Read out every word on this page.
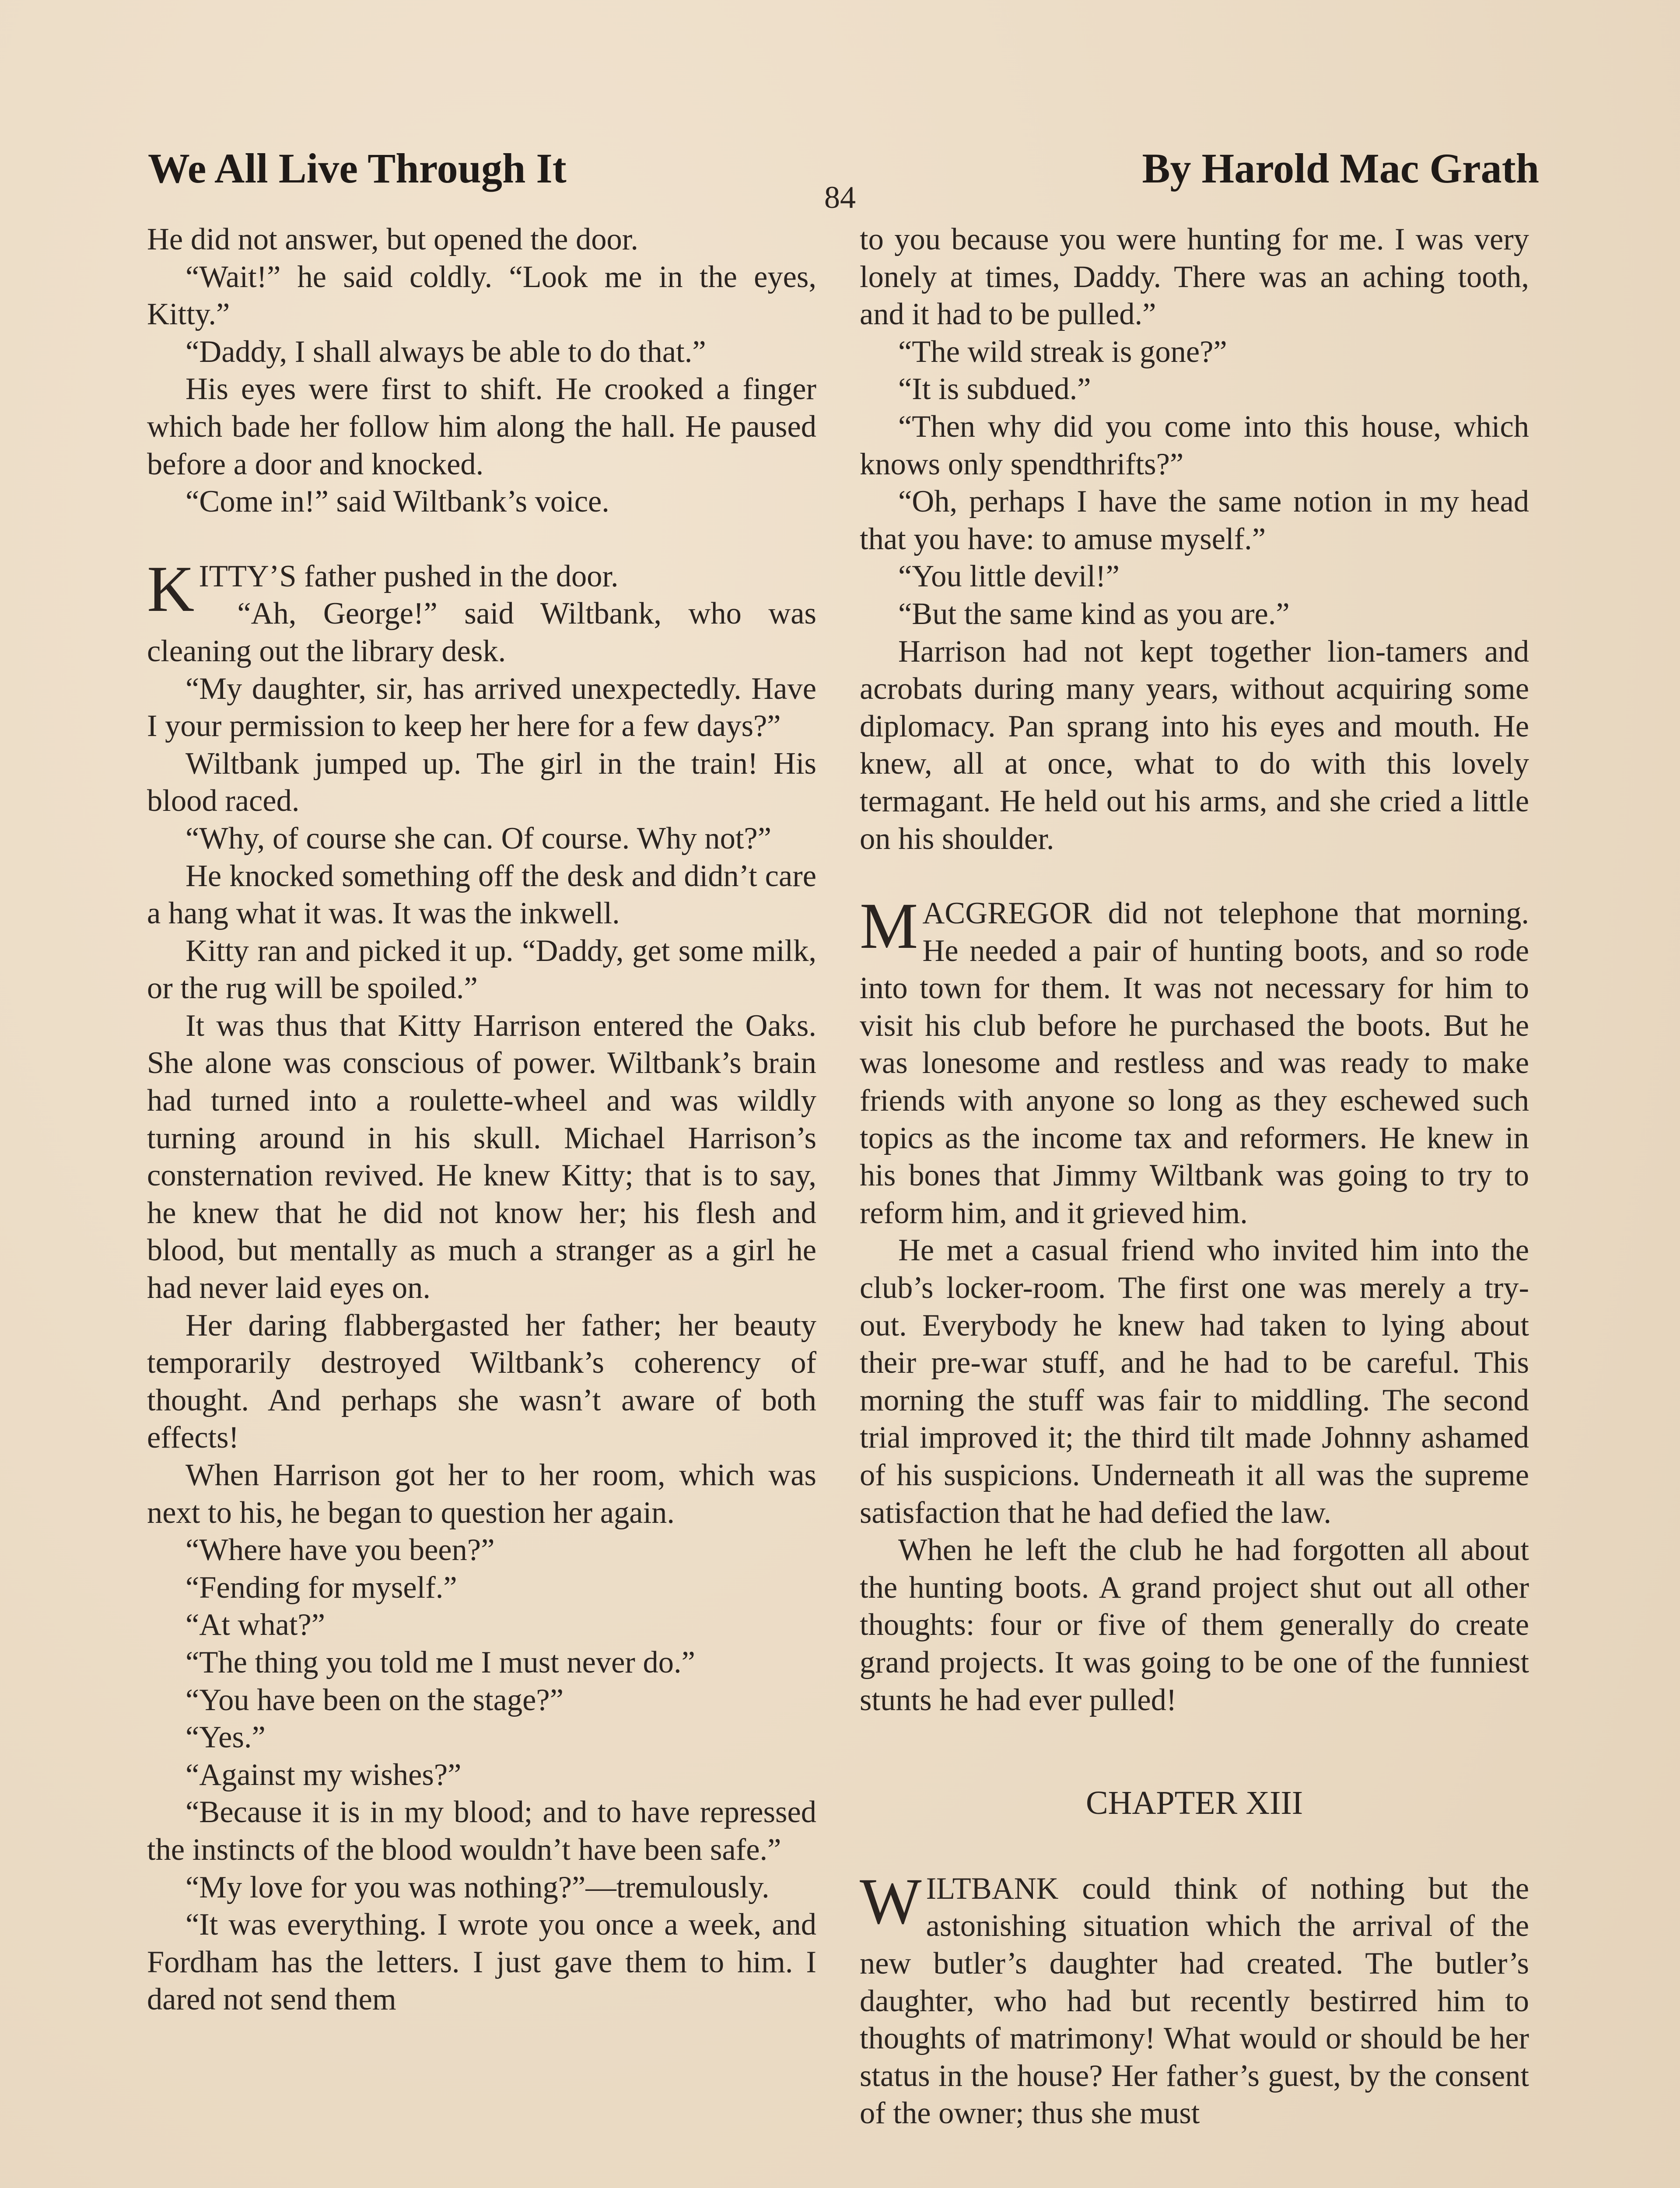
We All Live Through It	By Harold Mac Grath
84

He did not answer, but opened the door.

“Wait!” he said coldly. “Look me in the eyes, Kitty.”

“Daddy, I shall always be able to do that.”

His eyes were first to shift. He crooked a finger which bade her follow him along the hall. He paused before a door and knocked.

“Come in!” said Wiltbank’s voice.

KITTY’S father pushed in the door.

“Ah, George!” said Wiltbank, who was cleaning out the library desk.

“My daughter, sir, has arrived unexpectedly. Have I your permission to keep her here for a few days?”

Wiltbank jumped up. The girl in the train! His blood raced.

“Why, of course she can. Of course. Why not?”

He knocked something off the desk and didn’t care a hang what it was. It was the inkwell.

Kitty ran and picked it up. “Daddy, get some milk, or the rug will be spoiled.”

It was thus that Kitty Harrison entered the Oaks. She alone was conscious of power. Wiltbank’s brain had turned into a roulette-wheel and was wildly turning around in his skull. Michael Harrison’s consternation revived. He knew Kitty; that is to say, he knew that he did not know her; his flesh and blood, but mentally as much a stranger as a girl he had never laid eyes on.

Her daring flabbergasted her father; her beauty temporarily destroyed Wiltbank’s coherency of thought. And perhaps she wasn’t aware of both effects!

When Harrison got her to her room, which was next to his, he began to question her again.

“Where have you been?”

“Fending for myself.”

“At what?”

“The thing you told me I must never do.”

“You have been on the stage?”

“Yes.”

“Against my wishes?”

“Because it is in my blood; and to have repressed the instincts of the blood wouldn’t have been safe.”

“My love for you was nothing?”—tremulously.

“It was everything. I wrote you once a week, and Fordham has the letters. I just gave them to him. I dared not send them

to you because you were hunting for me. I was very lonely at times, Daddy. There was an aching tooth, and it had to be pulled.”

“The wild streak is gone?”

“It is subdued.”

“Then why did you come into this house, which knows only spendthrifts?”

“Oh, perhaps I have the same notion in my head that you have: to amuse myself.”

“You little devil!”

“But the same kind as you are.”

Harrison had not kept together lion-tamers and acrobats during many years, without acquiring some diplomacy. Pan sprang into his eyes and mouth. He knew, all at once, what to do with this lovely termagant. He held out his arms, and she cried a little on his shoulder.

MACGREGOR did not telephone that morning. He needed a pair of hunting boots, and so rode into town for them. It was not necessary for him to visit his club before he purchased the boots. But he was lonesome and restless and was ready to make friends with anyone so long as they eschewed such topics as the income tax and reformers. He knew in his bones that Jimmy Wiltbank was going to try to reform him, and it grieved him.

He met a casual friend who invited him into the club’s locker-room. The first one was merely a try-out. Everybody he knew had taken to lying about their pre-war stuff, and he had to be careful. This morning the stuff was fair to middling. The second trial improved it; the third tilt made Johnny ashamed of his suspicions. Underneath it all was the supreme satisfaction that he had defied the law.

When he left the club he had forgotten all about the hunting boots. A grand project shut out all other thoughts: four or five of them generally do create grand projects. It was going to be one of the funniest stunts he had ever pulled!

CHAPTER XIII

WILTBANK could think of nothing but the astonishing situation which the arrival of the new butler’s daughter had created. The butler’s daughter, who had but recently bestirred him to thoughts of matrimony! What would or should be her status in the house? Her father’s guest, by the consent of the owner; thus she must
